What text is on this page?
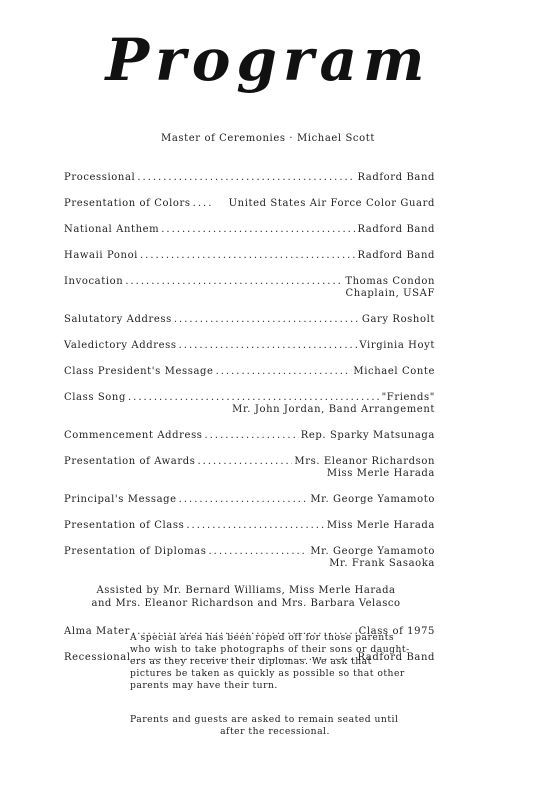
Program
Master of Ceremonies · Michael Scott
Processional .....	Radford Band
Presentation of Colors .....	United States Air Force Color Guard
National Anthem .....	Radford Band
Hawaii Ponoi .....	Radford Band
Invocation .....	Thomas Condon
Chaplain, USAF
Salutatory Address .....	Gary Rosholt
Valedictory Address .....	Virginia Hoyt
Class President's Message .....	Michael Conte
Class Song .....	"Friends"
Mr. John Jordan, Band Arrangement
Commencement Address .....	Rep. Sparky Matsunaga
Presentation of Awards .....	Mrs. Eleanor Richardson
Miss Merle Harada
Principal's Message .....	Mr. George Yamamoto
Presentation of Class .....	Miss Merle Harada
Presentation of Diplomas .....	Mr. George Yamamoto
Mr. Frank Sasaoka
Assisted by Mr. Bernard Williams, Miss Merle Harada
and Mrs. Eleanor Richardson and Mrs. Barbara Velasco
Alma Mater .....	Class of 1975
Recessional .....	Radford Band
A special area has been roped off for those parents
who wish to take photographs of their sons or daught-
ers as they receive their diplomas. We ask that
pictures be taken as quickly as possible so that other
parents may have their turn.
Parents and guests are asked to remain seated until
after the recessional.
